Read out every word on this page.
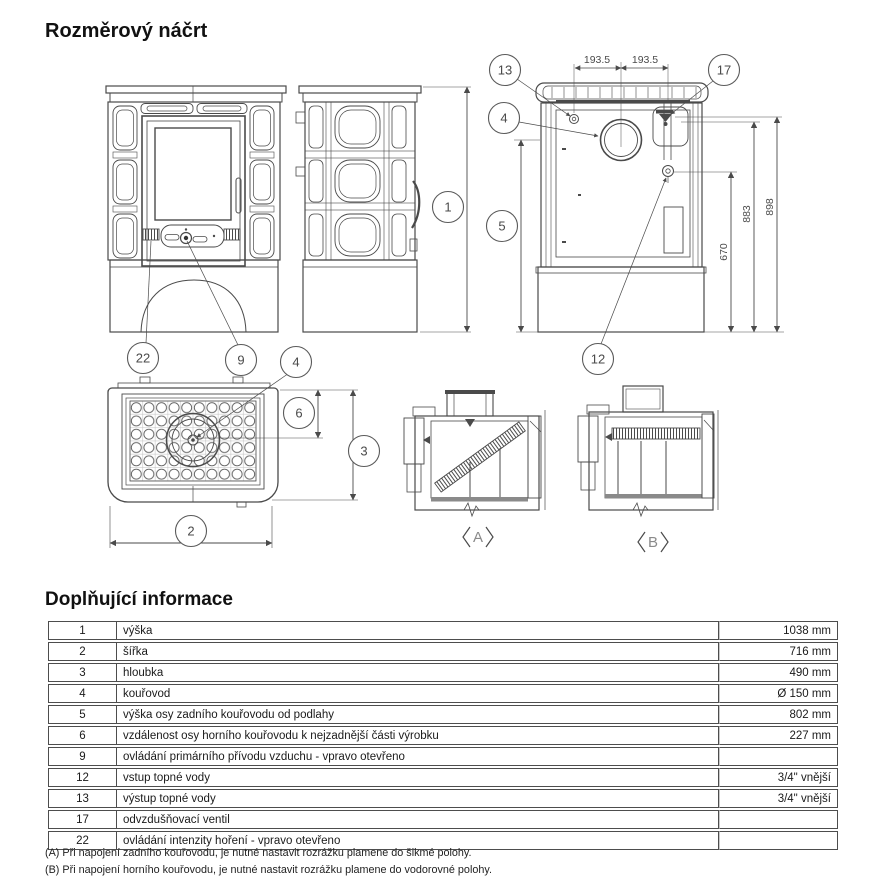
Rozměrový náčrt
193.5 193.5
670
883 898
A	B
13	17
4
1
5
12
22	9	4
6
3
2
Doplňující informace
1	výška	1038 mm
2	šířka	716 mm
3	hloubka	490 mm
4	kouřovod	Ø 150 mm
5	výška osy zadního kouřovodu od podlahy	802 mm
6	vzdálenost osy horního kouřovodu k nejzadnější části výrobku	227 mm
9	ovládání primárního přívodu vzduchu - vpravo otevřeno	
12	vstup topné vody	3/4" vnější
13	výstup topné vody	3/4" vnější
17	odvzdušňovací ventil	
22	ovládání intenzity hoření - vpravo otevřeno	

(A) Při napojení zadního kouřovodu, je nutné nastavit rozrážku plamene do šikmé polohy.

(B) Při napojení horního kouřovodu, je nutné nastavit rozrážku plamene do vodorovné polohy.
